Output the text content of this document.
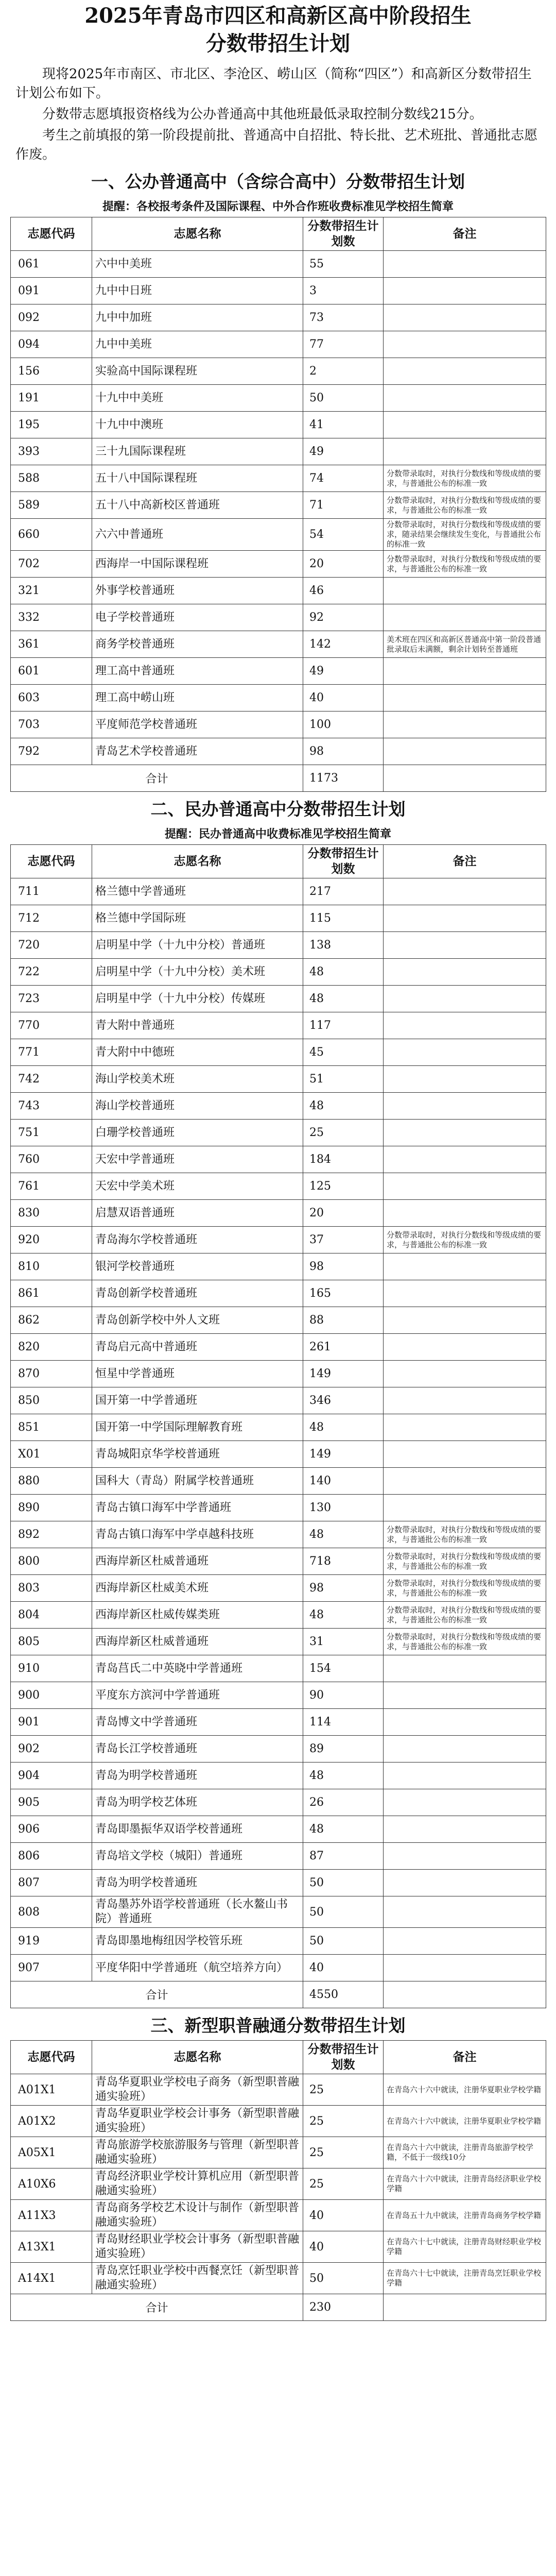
2025年青岛市四区和高新区高中阶段招生
分数带招生计划

现将2025年市南区、市北区、李沧区、崂山区（简称“四区”）和高新区分数带招生计划公布如下。

分数带志愿填报资格线为公办普通高中其他班最低录取控制分数线215分。

考生之前填报的第一阶段提前批、普通高中自招批、特长批、艺术班批、普通批志愿作废。

一、公办普通高中（含综合高中）分数带招生计划
提醒：各校报考条件及国际课程、中外合作班收费标准见学校招生简章
志愿代码	志愿名称	分数带招生计划数	备注
061	六中中美班	55	
091	九中中日班	3	
092	九中中加班	73	
094	九中中美班	77	
156	实验高中国际课程班	2	
191	十九中中美班	50	
195	十九中中澳班	41	
393	三十九国际课程班	49	
588	五十八中国际课程班	74	分数带录取时，对执行分数线和等级成绩的要求，与普通批公布的标准一致
589	五十八中高新校区普通班	71	分数带录取时，对执行分数线和等级成绩的要求，与普通批公布的标准一致
660	六六中普通班	54	分数带录取时，对执行分数线和等级成绩的要求，随录结果会继续发生变化，与普通批公布的标准一致
702	西海岸一中国际课程班	20	分数带录取时，对执行分数线和等级成绩的要求，与普通批公布的标准一致
321	外事学校普通班	46	
332	电子学校普通班	92	
361	商务学校普通班	142	美术班在四区和高新区普通高中第一阶段普通批录取后未满额，剩余计划转至普通班
601	理工高中普通班	49	
603	理工高中崂山班	40	
703	平度师范学校普通班	100	
792	青岛艺术学校普通班	98	
合计		1173	
二、民办普通高中分数带招生计划
提醒：民办普通高中收费标准见学校招生简章
志愿代码	志愿名称	分数带招生计划数	备注
711	格兰德中学普通班	217	
712	格兰德中学国际班	115	
720	启明星中学（十九中分校）普通班	138	
722	启明星中学（十九中分校）美术班	48	
723	启明星中学（十九中分校）传媒班	48	
770	青大附中普通班	117	
771	青大附中中德班	45	
742	海山学校美术班	51	
743	海山学校普通班	48	
751	白珊学校普通班	25	
760	天宏中学普通班	184	
761	天宏中学美术班	125	
830	启慧双语普通班	20	
920	青岛海尔学校普通班	37	分数带录取时，对执行分数线和等级成绩的要求，与普通批公布的标准一致
810	银河学校普通班	98	
861	青岛创新学校普通班	165	
862	青岛创新学校中外人文班	88	
820	青岛启元高中普通班	261	
870	恒星中学普通班	149	
850	国开第一中学普通班	346	
851	国开第一中学国际理解教育班	48	
X01	青岛城阳京华学校普通班	149	
880	国科大（青岛）附属学校普通班	140	
890	青岛古镇口海军中学普通班	130	
892	青岛古镇口海军中学卓越科技班	48	分数带录取时，对执行分数线和等级成绩的要求，与普通批公布的标准一致
800	西海岸新区杜威普通班	718	分数带录取时，对执行分数线和等级成绩的要求，与普通批公布的标准一致
803	西海岸新区杜威美术班	98	分数带录取时，对执行分数线和等级成绩的要求，与普通批公布的标准一致
804	西海岸新区杜威传媒类班	48	分数带录取时，对执行分数线和等级成绩的要求，与普通批公布的标准一致
805	西海岸新区杜威普通班	31	分数带录取时，对执行分数线和等级成绩的要求，与普通批公布的标准一致
910	青岛莒氏二中英晓中学普通班	154	
900	平度东方滨河中学普通班	90	
901	青岛博文中学普通班	114	
902	青岛长江学校普通班	89	
904	青岛为明学校普通班	48	
905	青岛为明学校艺体班	26	
906	青岛即墨振华双语学校普通班	48	
806	青岛培文学校（城阳）普通班	87	
807	青岛为明学校普通班	50	
808	青岛墨苏外语学校普通班（长水鳌山书院）普通班	50	
919	青岛即墨地梅纽因学校管乐班	50	
907	平度华阳中学普通班（航空培养方向）	40	
合计		4550	
三、新型职普融通分数带招生计划
志愿代码	志愿名称	分数带招生计划数	备注
A01X1	青岛华夏职业学校电子商务（新型职普融通实验班）	25	在青岛六十六中就读，注册华夏职业学校学籍
A01X2	青岛华夏职业学校会计事务（新型职普融通实验班）	25	在青岛六十六中就读，注册华夏职业学校学籍
A05X1	青岛旅游学校旅游服务与管理（新型职普融通实验班）	25	在青岛六十六中就读，注册青岛旅游学校学籍，不低于一级线10分
A10X6	青岛经济职业学校计算机应用（新型职普融通实验班）	25	在青岛六十六中就读，注册青岛经济职业学校学籍
A11X3	青岛商务学校艺术设计与制作（新型职普融通实验班）	40	在青岛五十九中就读，注册青岛商务学校学籍
A13X1	青岛财经职业学校会计事务（新型职普融通实验班）	40	在青岛六十七中就读，注册青岛财经职业学校学籍
A14X1	青岛烹饪职业学校中西餐烹饪（新型职普融通实验班）	50	在青岛六十七中就读，注册青岛烹饪职业学校学籍
合计		230	
